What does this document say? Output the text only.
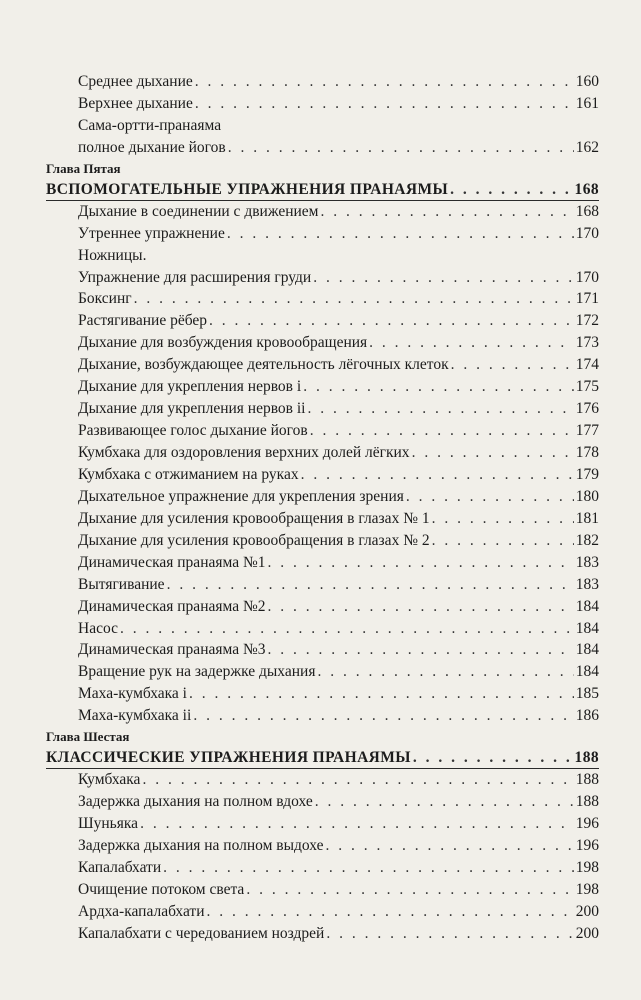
Среднее дыхание . . .	160
Верхнее дыхание . . .	161
Сама-ортти-пранаяма
полное дыхание йогов . . .	162
Глава Пятая
ВСПОМОГАТЕЛЬНЫЕ УПРАЖНЕНИЯ ПРАНАЯМЫ . . .	168
Дыхание в соединении с движением . . .	168
Утреннее упражнение . . .	170
Ножницы.
Упражнение для расширения груди . . .	170
Боксинг . . .	171
Растягивание рёбер . . .	172
Дыхание для возбуждения кровообращения . . .	173
Дыхание, возбуждающее деятельность лёгочных клеток . . .	174
Дыхание для укрепления нервов i . . .	175
Дыхание для укрепления нервов ii . . .	176
Развивающее голос дыхание йогов . . .	177
Кумбхака для оздоровления верхних долей лёгких . . .	178
Кумбхака с отжиманием на руках . . .	179
Дыхательное упражнение для укрепления зрения . . .	180
Дыхание для усиления кровообращения в глазах № 1 . . .	181
Дыхание для усиления кровообращения в глазах № 2 . . .	182
Динамическая пранаяма №1 . . .	183
Вытягивание . . .	183
Динамическая пранаяма №2 . . .	184
Насос . . .	184
Динамическая пранаяма №3 . . .	184
Вращение рук на задержке дыхания . . .	184
Маха-кумбхака i . . .	185
Маха-кумбхака ii . . .	186
Глава Шестая
КЛАССИЧЕСКИЕ УПРАЖНЕНИЯ ПРАНАЯМЫ . . .	188
Кумбхака . . .	188
Задержка дыхания на полном вдохе . . .	188
Шуньяка . . .	196
Задержка дыхания на полном выдохе . . .	196
Капалабхати . . .	198
Очищение потоком света . . .	198
Ардха-капалабхати . . .	200
Капалабхати с чередованием ноздрей . . .	200
